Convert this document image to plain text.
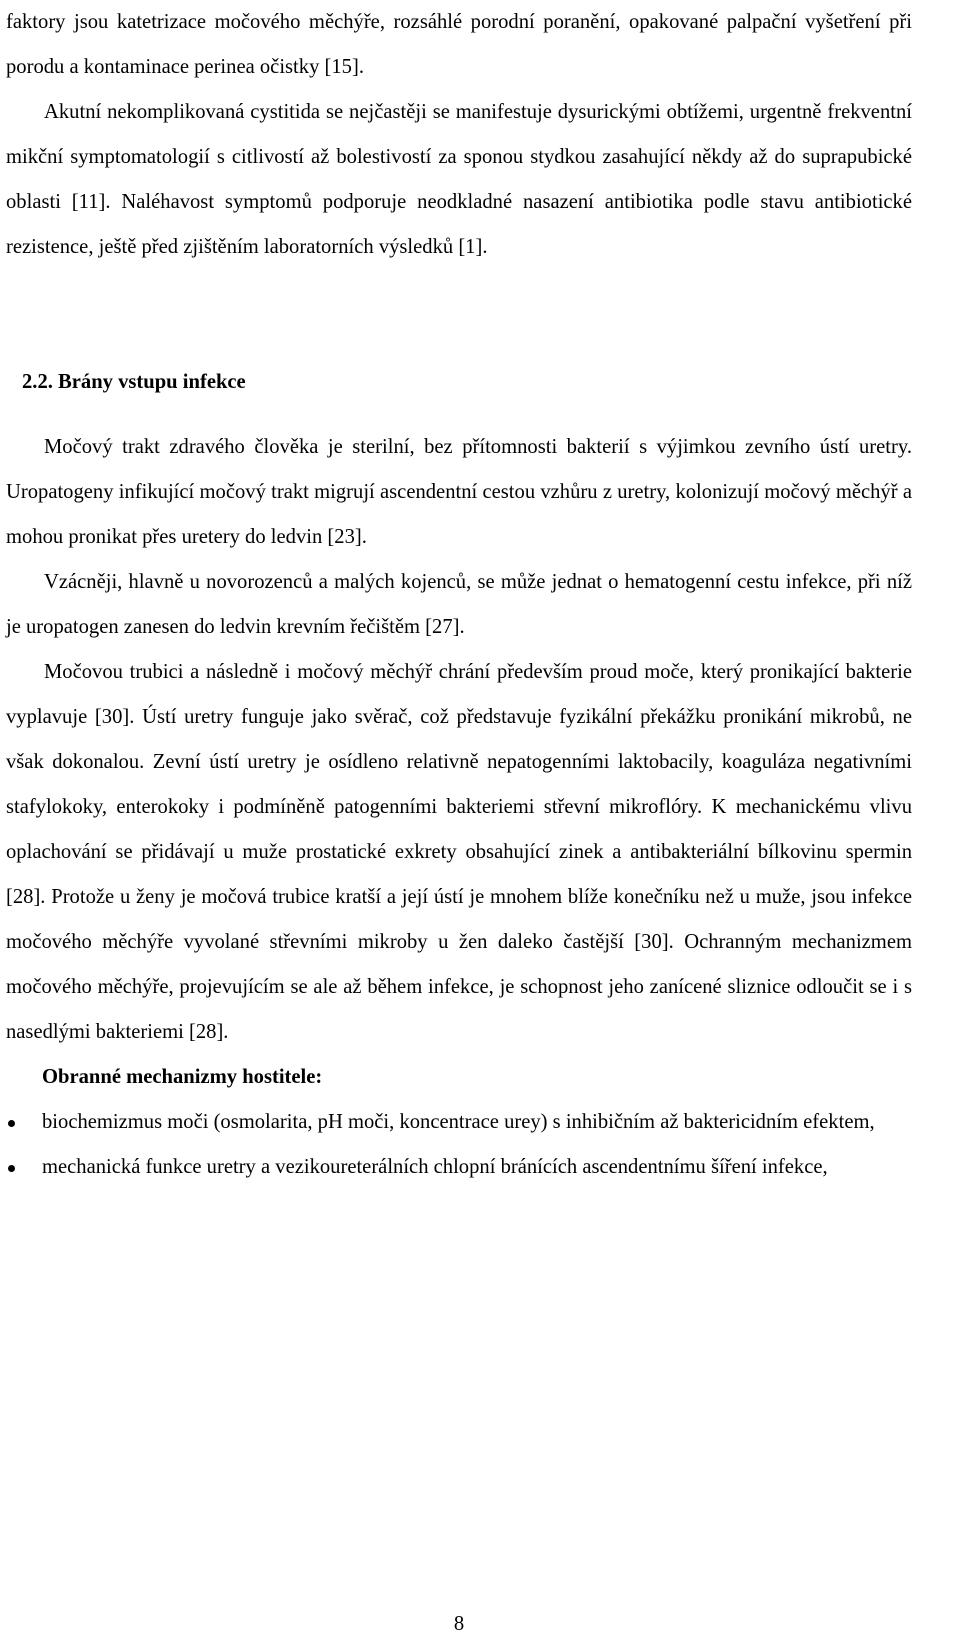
faktory jsou katetrizace močového měchýře, rozsáhlé porodní poranění, opakované palpační vyšetření při porodu a kontaminace perinea očistky [15].

Akutní nekomplikovaná cystitida se nejčastěji se manifestuje dysurickými obtížemi, urgentně frekventní mikční symptomatologií s citlivostí až bolestivostí za sponou stydkou zasahující někdy až do suprapubické oblasti [11]. Naléhavost symptomů podporuje neodkladné nasazení antibiotika podle stavu antibiotické rezistence, ještě před zjištěním laboratorních výsledků [1].

2.2. Brány vstupu infekce

Močový trakt zdravého člověka je sterilní, bez přítomnosti bakterií s výjimkou zevního ústí uretry. Uropatogeny infikující močový trakt migrují ascendentní cestou vzhůru z uretry, kolonizují močový měchýř a mohou pronikat přes uretery do ledvin [23].

Vzácněji, hlavně u novorozenců a malých kojenců, se může jednat o hematogenní cestu infekce, při níž je uropatogen zanesen do ledvin krevním řečištěm [27].

Močovou trubici a následně i močový měchýř chrání především proud moče, který pronikající bakterie vyplavuje [30]. Ústí uretry funguje jako svěrač, což představuje fyzikální překážku pronikání mikrobů, ne však dokonalou. Zevní ústí uretry je osídleno relativně nepatogenními laktobacily, koaguláza negativními stafylokoky, enterokoky i podmíněně patogenními bakteriemi střevní mikroflóry. K mechanickému vlivu oplachování se přidávají u muže prostatické exkrety obsahující zinek a antibakteriální bílkovinu spermin [28]. Protože u ženy je močová trubice kratší a její ústí je mnohem blíže konečníku než u muže, jsou infekce močového měchýře vyvolané střevními mikroby u žen daleko častější [30]. Ochranným mechanizmem močového měchýře, projevujícím se ale až během infekce, je schopnost jeho zanícené sliznice odloučit se i s nasedlými bakteriemi [28].

Obranné mechanizmy hostitele:

biochemizmus moči (osmolarita, pH moči, koncentrace urey) s inhibičním až baktericidním efektem,
mechanická funkce uretry a vezikoureterálních chlopní bránících ascendentnímu šíření infekce,
8
